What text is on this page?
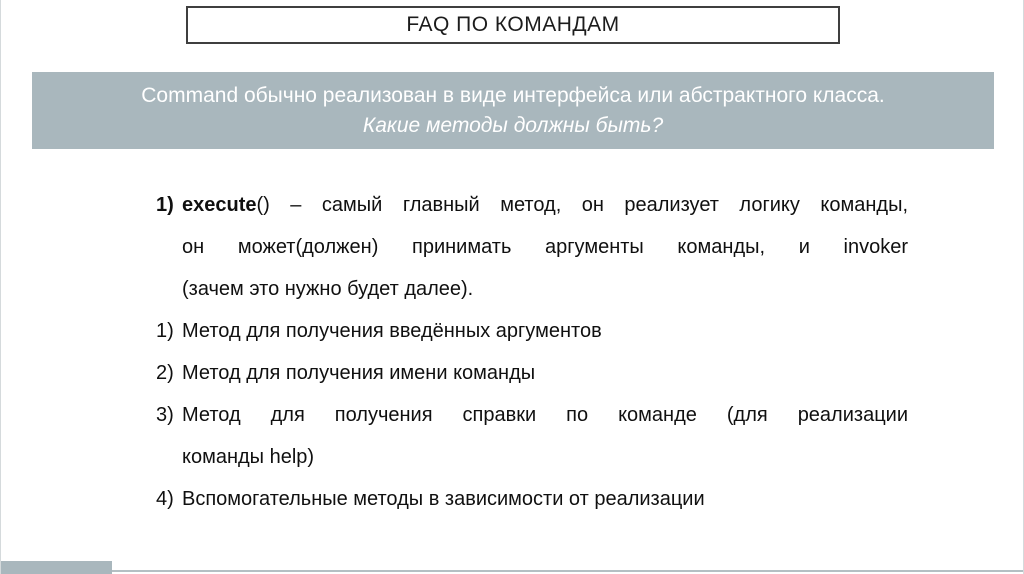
FAQ ПО КОМАНДАМ
Command обычно реализован в виде интерфейса или абстрактного класса.
Какие методы должны быть?
1) execute() – самый главный метод, он реализует логику команды,
он может(должен) принимать аргументы команды, и invoker
(зачем это нужно будет далее).
1) Метод для получения введённых аргументов
2) Метод для получения имени команды
3) Метод для получения справки по команде (для реализации
команды help)
4) Вспомогательные методы в зависимости от реализации
